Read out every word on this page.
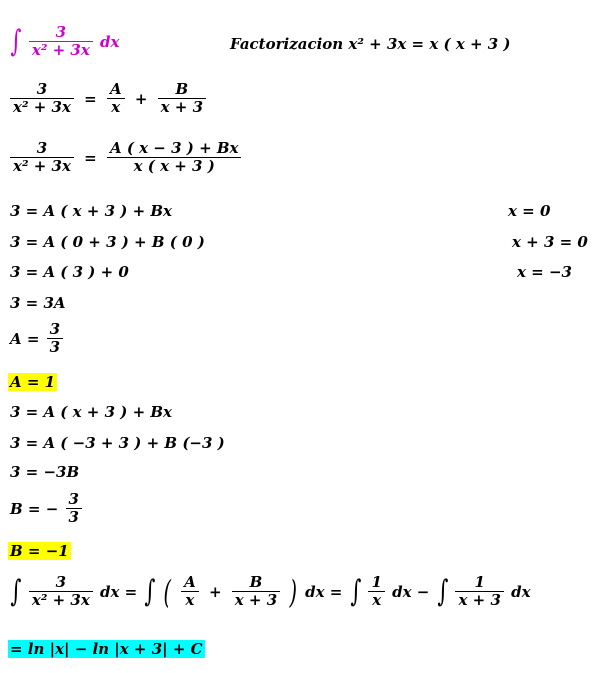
∫ $\frac{3}{\text{x² + 3x}}$ dx	Factorizacion x² + 3x = x ( x + 3 )
$\frac{3}{\text{x² + 3x}} = \frac{A}{x} + \frac{B}{x + 3}$
$\frac{3}{\text{x² + 3x}} = \frac{A ( x - 3 ) + Bx}{x ( x + 3 )}$
3 = A ( x + 3 ) + Bx
3 = A ( 0 + 3 ) + B ( 0 )
3 = A ( 3 ) + 0
3 = 3A
$A = \frac{3}{3}$
A = 1
3 = A ( x + 3 ) + Bx
3 = A ( −3 + 3 ) + B (−3 )
3 = −3B
B = − $\frac{3}{3}$
B = −1
x = 0
x + 3 = 0
x = −3
∫ $\frac{3}{\text{x² + 3x}}$ dx = ∫ ( $\frac{A}{x} + \frac{B}{x + 3}$ ) dx = ∫ $\frac{1}{x}$ dx − ∫ $\frac{1}{x + 3}$ dx
= ln |x| − ln |x + 3| + C
